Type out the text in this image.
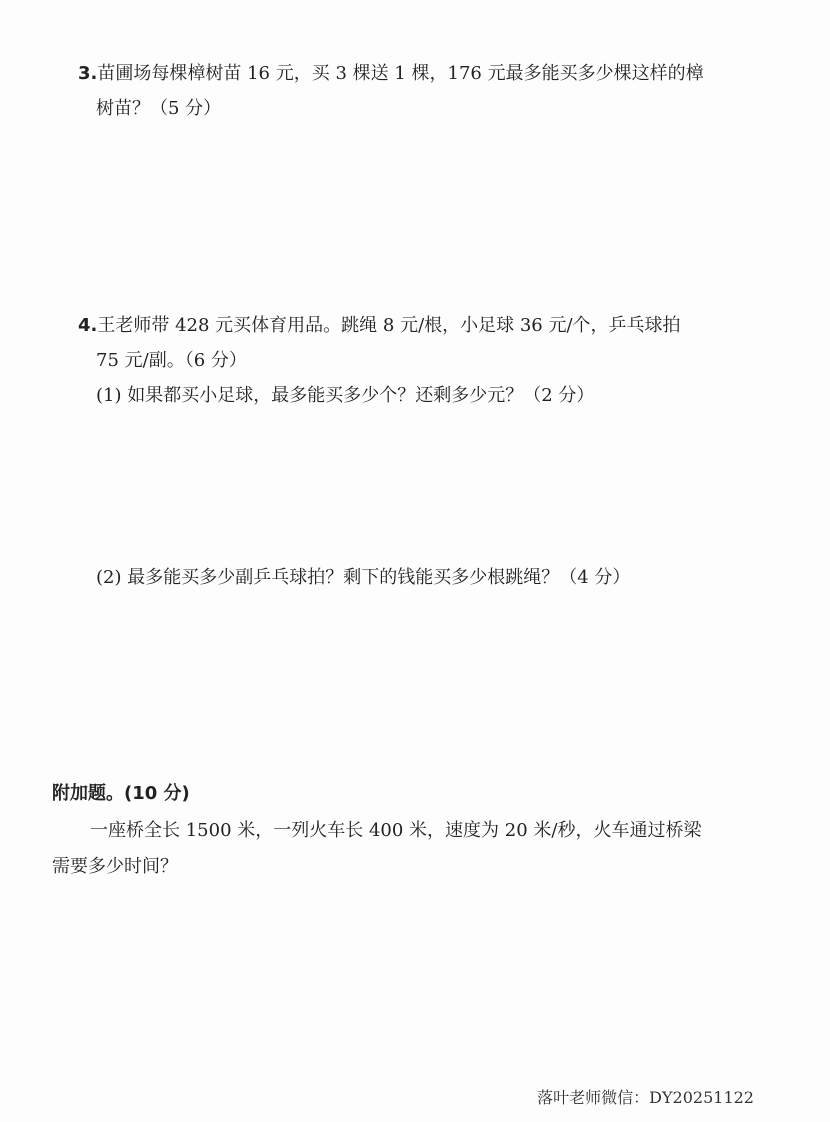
3.苗圃场每棵樟树苗 16 元，买 3 棵送 1 棵，176 元最多能买多少棵这样的樟
树苗？（5 分）
4.王老师带 428 元买体育用品。跳绳 8 元/根，小足球 36 元/个，乒乓球拍
75 元/副。（6 分）
(1) 如果都买小足球，最多能买多少个？还剩多少元？（2 分）
(2) 最多能买多少副乒乓球拍？剩下的钱能买多少根跳绳？（4 分）
附加题。(10 分)
一座桥全长 1500 米，一列火车长 400 米，速度为 20 米/秒，火车通过桥梁
需要多少时间？
落叶老师微信：DY20251122
